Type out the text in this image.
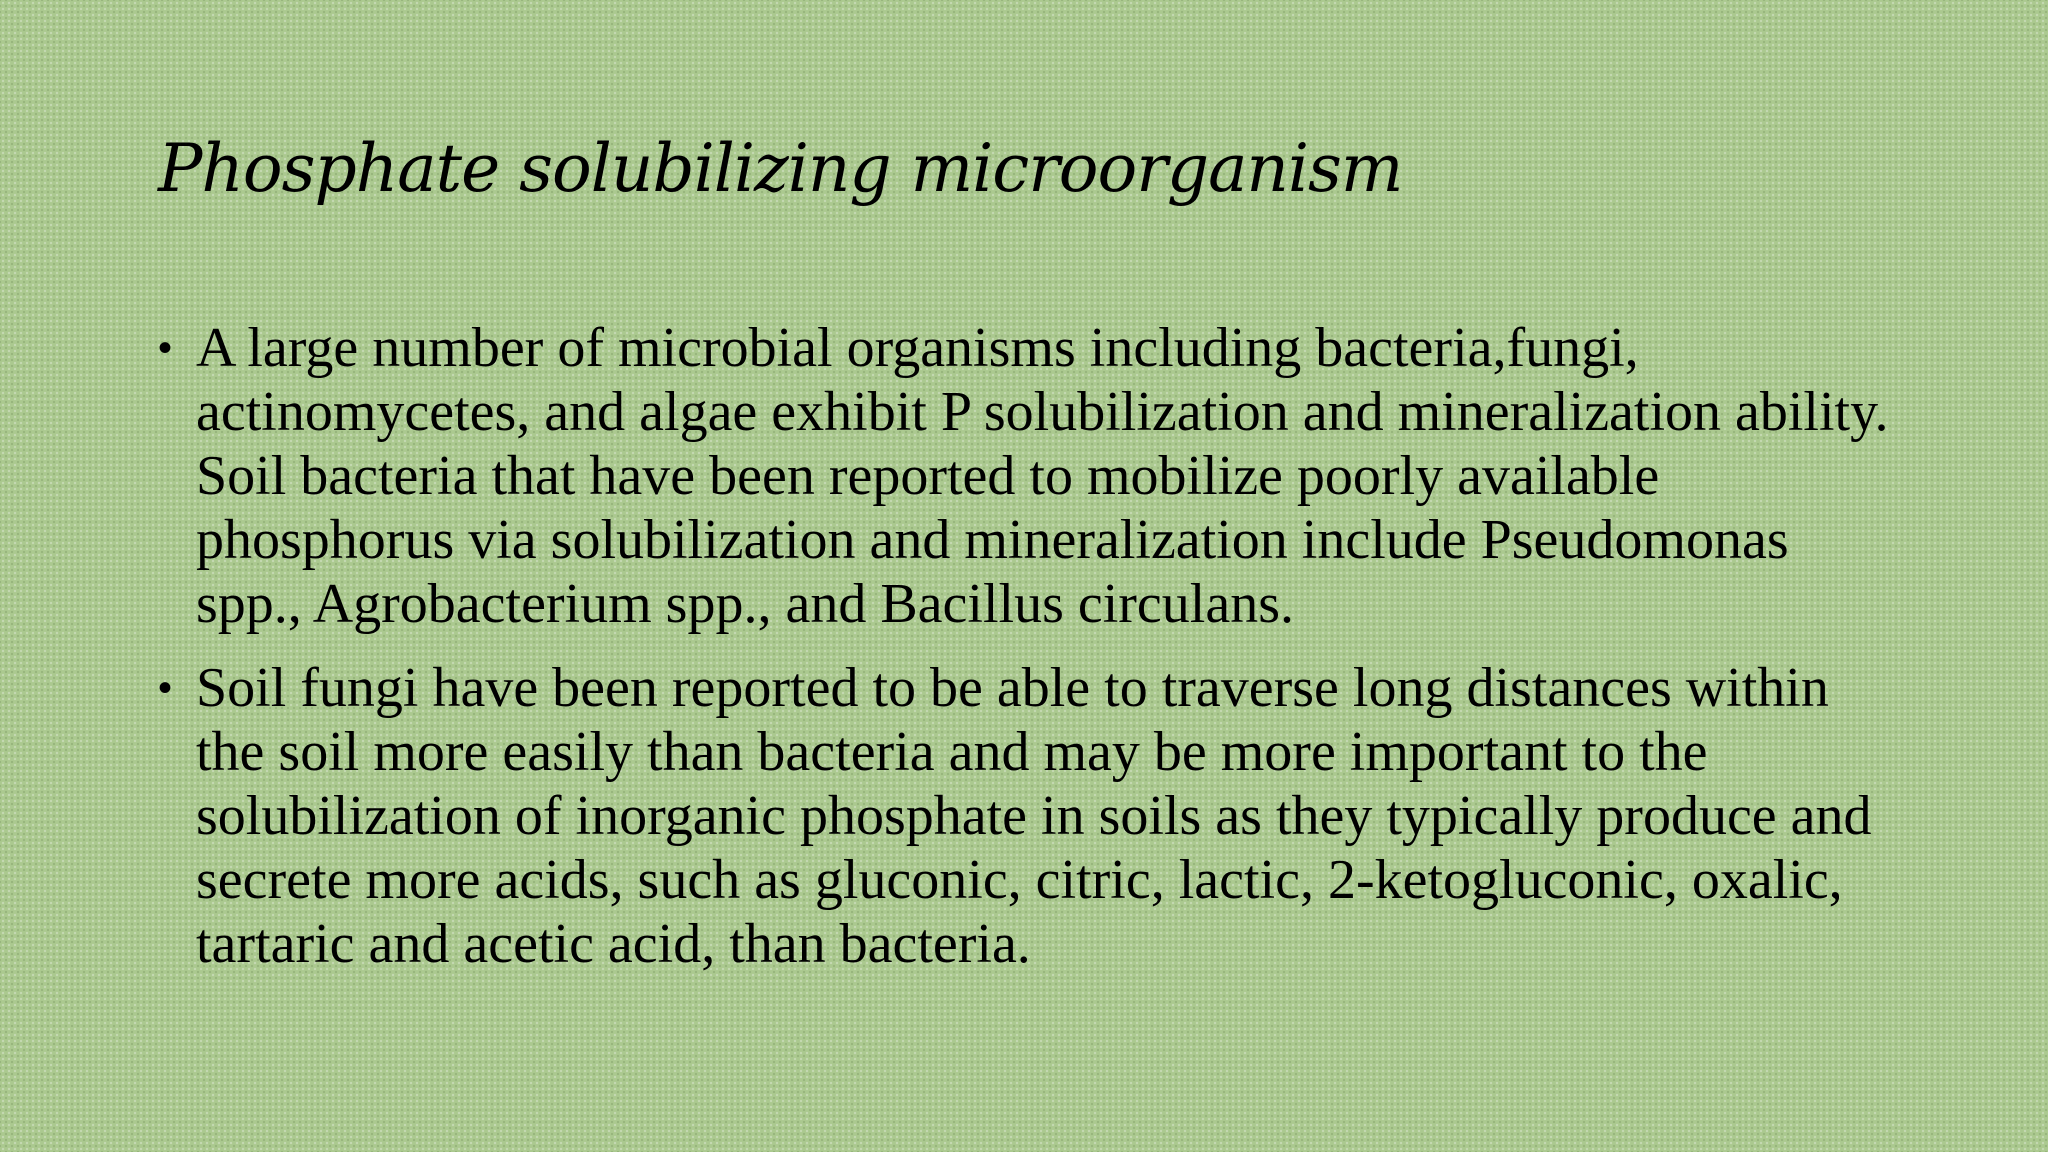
Phosphate solubilizing microorganism
• A large number of microbial organisms including bacteria,fungi, actinomycetes, and algae exhibit P solubilization and mineralization ability. Soil bacteria that have been reported to mobilize poorly available phosphorus via solubilization and mineralization include Pseudomonas spp., Agrobacterium spp., and Bacillus circulans.
• Soil fungi have been reported to be able to traverse long distances within the soil more easily than bacteria and may be more important to the solubilization of inorganic phosphate in soils as they typically produce and secrete more acids, such as gluconic, citric, lactic, 2-ketogluconic, oxalic, tartaric and acetic acid, than bacteria.
